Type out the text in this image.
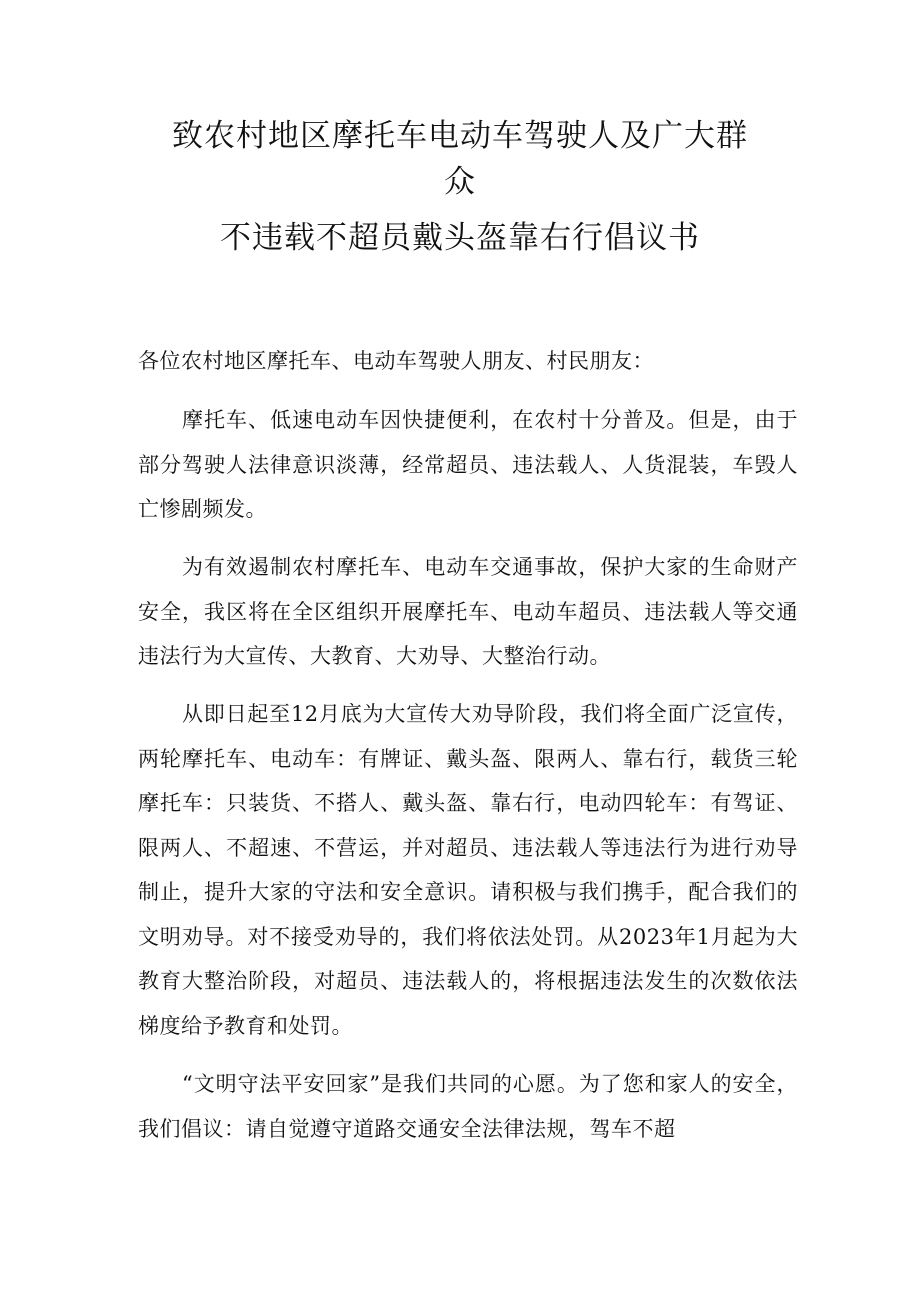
致农村地区摩托车电动车驾驶人及广大群
众
不违载不超员戴头盔靠右行倡议书

各位农村地区摩托车、电动车驾驶人朋友、村民朋友：

摩托车、低速电动车因快捷便利，在农村十分普及。但是，由于部分驾驶人法律意识淡薄，经常超员、违法载人、人货混装，车毁人亡惨剧频发。

为有效遏制农村摩托车、电动车交通事故，保护大家的生命财产安全，我区将在全区组织开展摩托车、电动车超员、违法载人等交通违法行为大宣传、大教育、大劝导、大整治行动。

从即日起至12月底为大宣传大劝导阶段，我们将全面广泛宣传，两轮摩托车、电动车：有牌证、戴头盔、限两人、靠右行，载货三轮摩托车：只装货、不搭人、戴头盔、靠右行，电动四轮车：有驾证、限两人、不超速、不营运，并对超员、违法载人等违法行为进行劝导制止，提升大家的守法和安全意识。请积极与我们携手，配合我们的文明劝导。对不接受劝导的，我们将依法处罚。从2023年1月起为大教育大整治阶段，对超员、违法载人的，将根据违法发生的次数依法梯度给予教育和处罚。

“文明守法平安回家”是我们共同的心愿。为了您和家人的安全，我们倡议：请自觉遵守道路交通安全法律法规，驾车不超
